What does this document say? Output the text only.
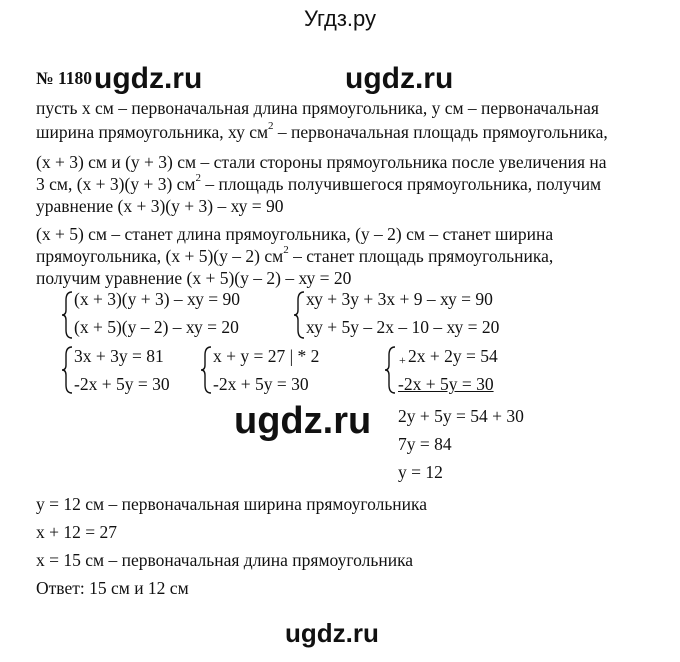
Угдз.ру
ugdz.ru	ugdz.ru
ugdz.ru
ugdz.ru
№ 1180
пусть х см – первоначальная длина прямоугольника, у см – первоначальная
ширина прямоугольника, ху $см^2$ – первоначальная площадь прямоугольника,
(х + 3) см и (у + 3) см – стали стороны прямоугольника после увеличения на
3 см, (х + 3)(у + 3) $см^2$ – площадь получившегося прямоугольника, получим
уравнение (х + 3)(у + 3) – ху = 90
(х + 5) см – станет длина прямоугольника, (у – 2) см – станет ширина
прямоугольника, (х + 5)(у – 2) $см^2$ – станет площадь прямоугольника,
получим уравнение (х + 5)(у – 2) – ху = 20
(х + 3)(у + 3) – ху = 90
(х + 5)(у – 2) – ху = 20
ху + 3у + 3х + 9 – ху = 90
ху + 5у – 2х – 10 – ху = 20
3х + 3у = 81
-2х + 5у = 30
х + у = 27 | * 2
-2х + 5у = 30
+ 2х + 2у = 54
-2х + 5у = 30
2у + 5у = 54 + 30
7у = 84
у = 12
у = 12 см – первоначальная ширина прямоугольника
х + 12 = 27
х = 15 см – первоначальная длина прямоугольника
Ответ: 15 см и 12 см
